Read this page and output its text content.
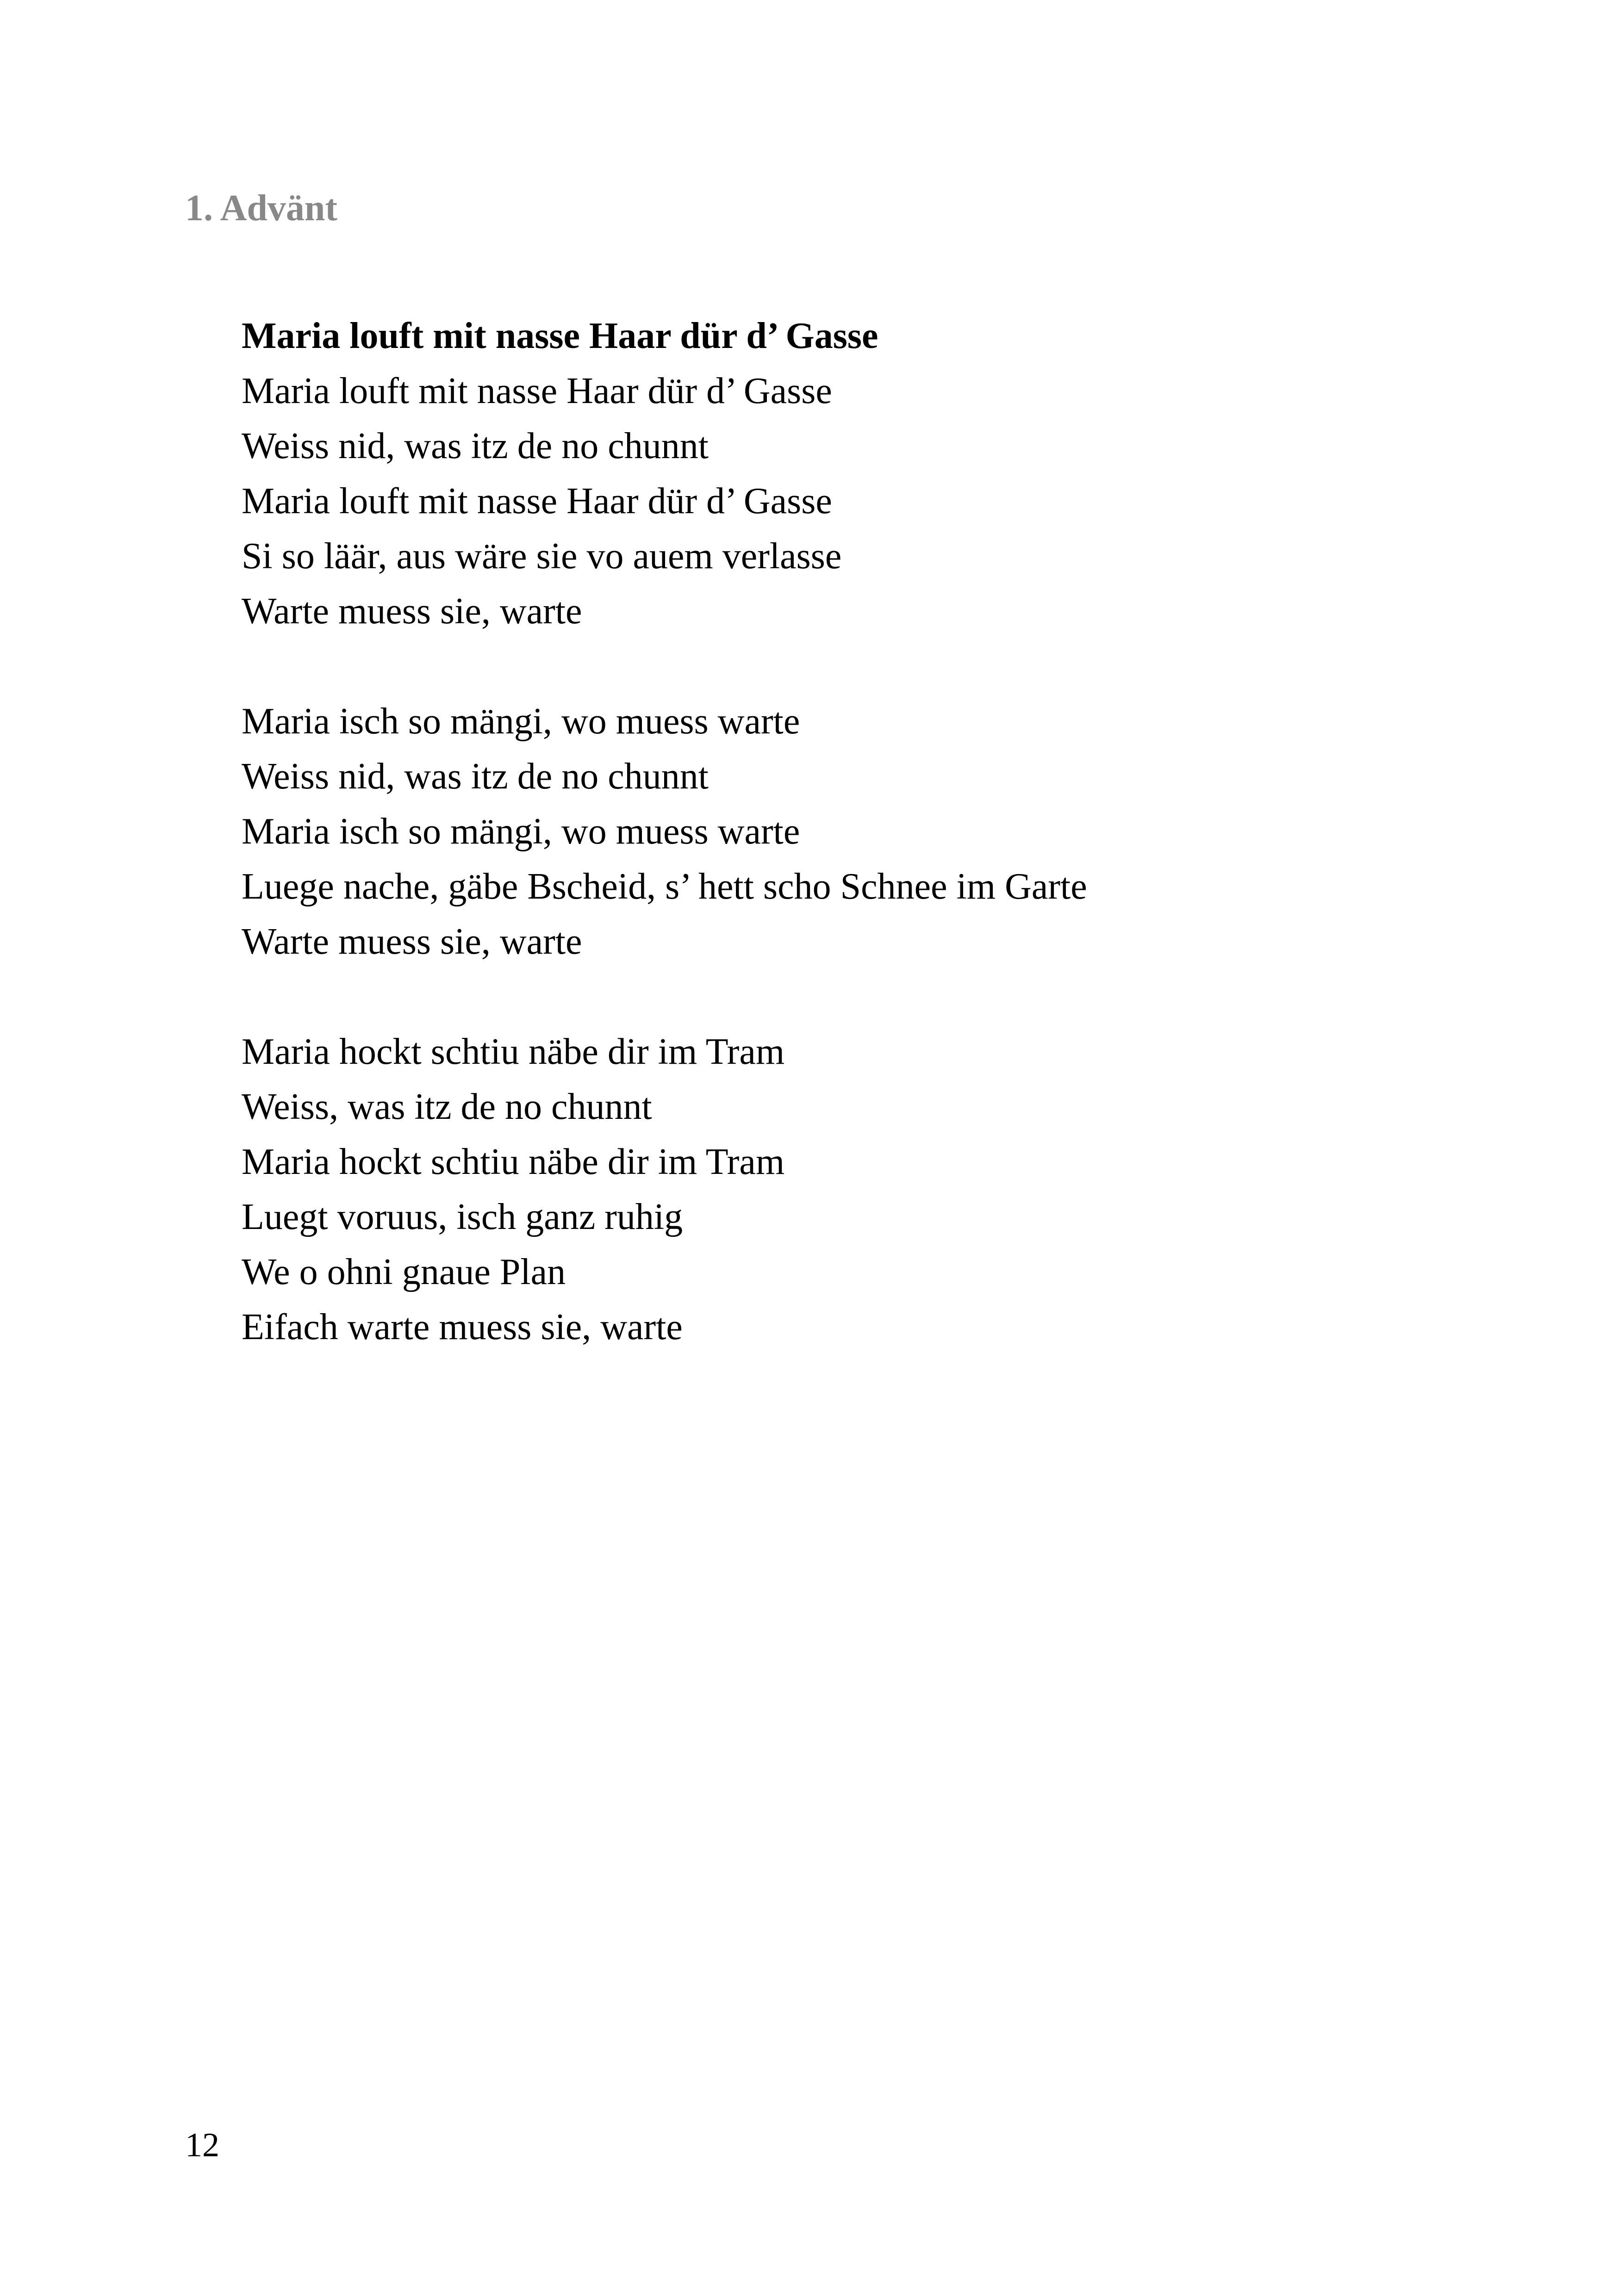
1. Advänt
Maria louft mit nasse Haar dür d’ Gasse
Maria louft mit nasse Haar dür d’ Gasse
Weiss nid, was itz de no chunnt
Maria louft mit nasse Haar dür d’ Gasse
Si so läär, aus wäre sie vo auem verlasse
Warte muess sie, warte
Maria isch so mängi, wo muess warte
Weiss nid, was itz de no chunnt
Maria isch so mängi, wo muess warte
Luege nache, gäbe Bscheid, s’ hett scho Schnee im Garte
Warte muess sie, warte
Maria hockt schtiu näbe dir im Tram
Weiss, was itz de no chunnt
Maria hockt schtiu näbe dir im Tram
Luegt voruus, isch ganz ruhig
We o ohni gnaue Plan
Eifach warte muess sie, warte
12
